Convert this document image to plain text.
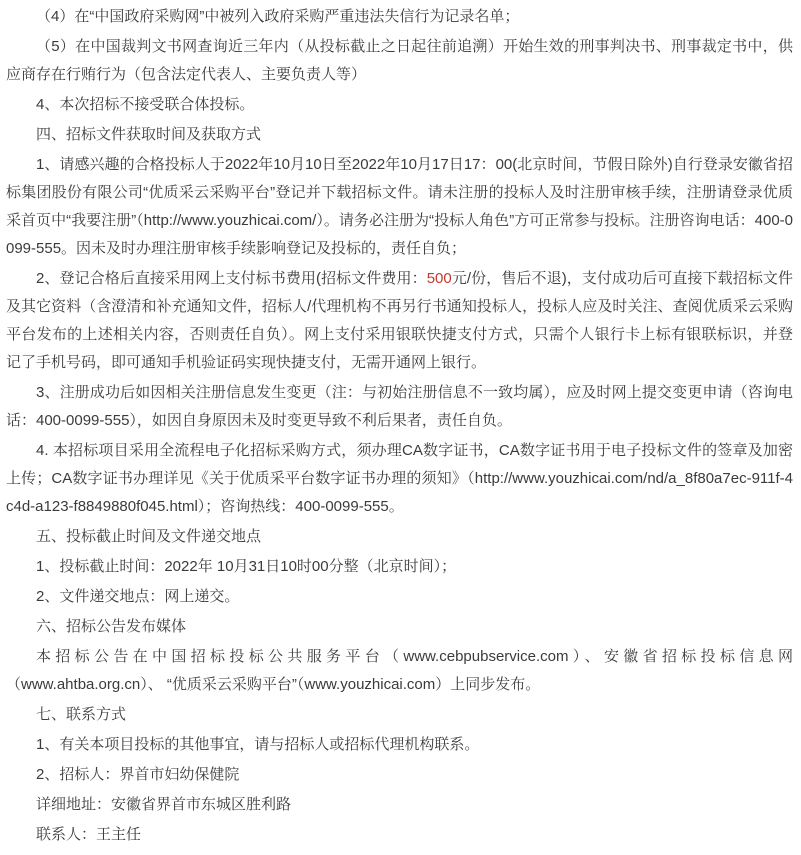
（4）在“中国政府采购网”中被列入政府采购严重违法失信行为记录名单；

（5）在中国裁判文书网查询近三年内（从投标截止之日起往前追溯）开始生效的刑事判决书、刑事裁定书中，供应商存在行贿行为（包含法定代表人、主要负责人等）

4、本次招标不接受联合体投标。

四、招标文件获取时间及获取方式

1、请感兴趣的合格投标人于2022年10月10日至2022年10月17日17：00(北京时间，节假日除外)自行登录安徽省招标集团股份有限公司“优质采云采购平台”登记并下载招标文件。请未注册的投标人及时注册审核手续，注册请登录优质采首页中“我要注册”（http://www.youzhicai.com/）。请务必注册为“投标人角色”方可正常参与投标。注册咨询电话：400-0099-555。因未及时办理注册审核手续影响登记及投标的，责任自负；

2、登记合格后直接采用网上支付标书费用(招标文件费用：500元/份，售后不退)，支付成功后可直接下载招标文件及其它资料（含澄清和补充通知文件，招标人/代理机构不再另行书通知投标人，投标人应及时关注、查阅优质采云采购平台发布的上述相关内容，否则责任自负）。网上支付采用银联快捷支付方式，只需个人银行卡上标有银联标识，并登记了手机号码，即可通知手机验证码实现快捷支付，无需开通网上银行。

3、注册成功后如因相关注册信息发生变更（注：与初始注册信息不一致均属），应及时网上提交变更申请（咨询电话：400-0099-555），如因自身原因未及时变更导致不利后果者，责任自负。

4. 本招标项目采用全流程电子化招标采购方式，须办理CA数字证书，CA数字证书用于电子投标文件的签章及加密上传；CA数字证书办理详见《关于优质采平台数字证书办理的须知》（http://www.youzhicai.com/nd/a_8f80a7ec-911f-4c4d-a123-f8849880f045.html）；咨询热线：400-0099-555。

五、投标截止时间及文件递交地点

1、投标截止时间：2022年 10月31日10时00分整（北京时间）；

2、文件递交地点：网上递交。

六、招标公告发布媒体

本招标公告在中国招标投标公共服务平台（www.cebpubservice.com）、安徽省招标投标信息网（www.ahtba.org.cn）、 “优质采云采购平台”（www.youzhicai.com）上同步发布。

七、联系方式

1、有关本项目投标的其他事宜，请与招标人或招标代理机构联系。

2、招标人：界首市妇幼保健院

详细地址：安徽省界首市东城区胜利路

联系人：王主任
